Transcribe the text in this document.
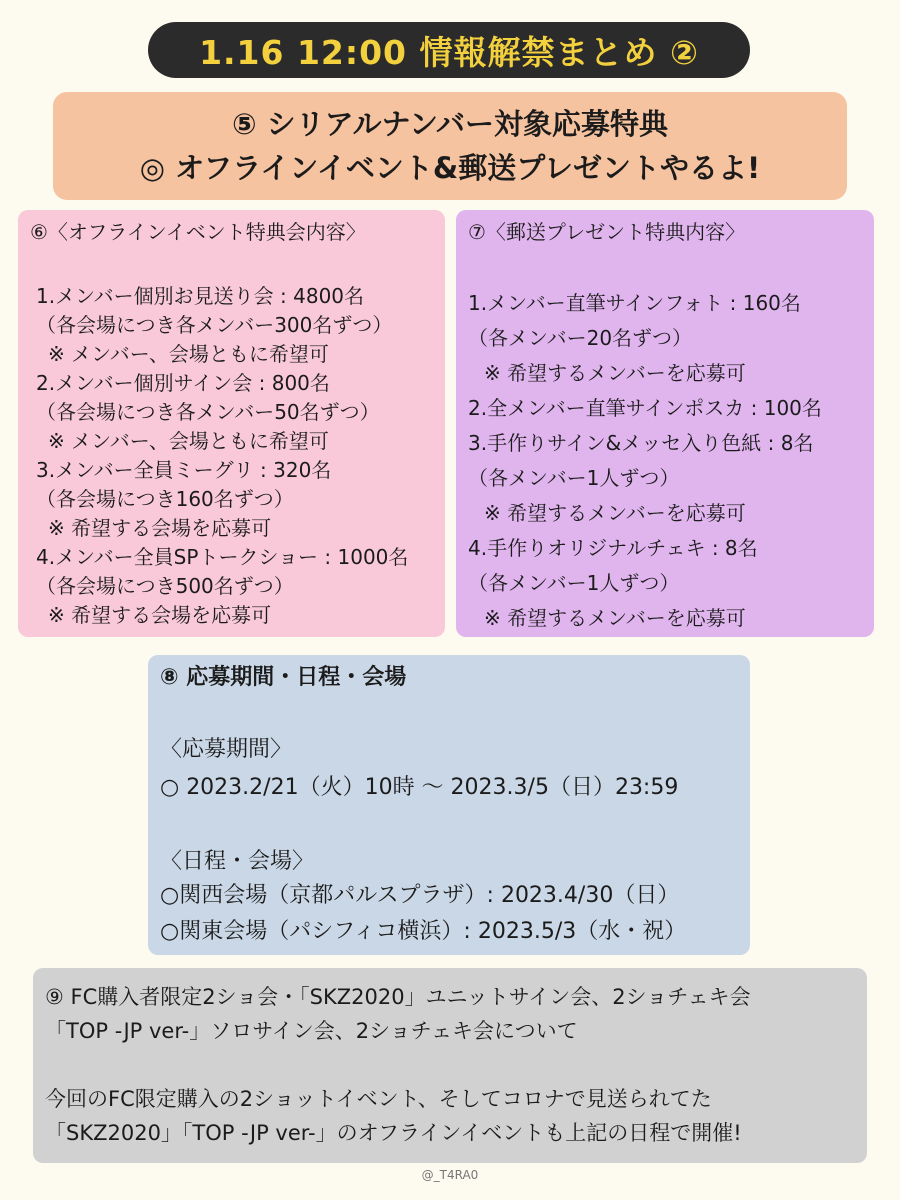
1.16 12:00 情報解禁まとめ ②
⑤ シリアルナンバー対象応募特典
◎ オフラインイベント&郵送プレゼントやるよ!
⑥〈オフラインイベント特典会内容〉
1.メンバー個別お見送り会 : 4800名
（各会場につき各メンバー300名ずつ）
※ メンバー、会場ともに希望可
2.メンバー個別サイン会 : 800名
（各会場につき各メンバー50名ずつ）
※ メンバー、会場ともに希望可
3.メンバー全員ミーグリ : 320名
（各会場につき160名ずつ）
※ 希望する会場を応募可
4.メンバー全員SPトークショー : 1000名
（各会場につき500名ずつ）
※ 希望する会場を応募可
⑦〈郵送プレゼント特典内容〉
1.メンバー直筆サインフォト : 160名
（各メンバー20名ずつ）
※ 希望するメンバーを応募可
2.全メンバー直筆サインポスカ : 100名
3.手作りサイン&メッセ入り色紙 : 8名
（各メンバー1人ずつ）
※ 希望するメンバーを応募可
4.手作りオリジナルチェキ : 8名
（各メンバー1人ずつ）
※ 希望するメンバーを応募可
⑧ 応募期間・日程・会場
〈応募期間〉
○ 2023.2/21（火）10時 〜 2023.3/5（日）23:59
〈日程・会場〉
○関西会場（京都パルスプラザ）: 2023.4/30（日）
○関東会場（パシフィコ横浜）: 2023.5/3（水・祝）
⑨ FC購入者限定2ショ会・「SKZ2020」ユニットサイン会、2ショチェキ会
「TOP -JP ver-」ソロサイン会、2ショチェキ会について
今回のFC限定購入の2ショットイベント、そしてコロナで見送られてた
「SKZ2020」「TOP -JP ver-」のオフラインイベントも上記の日程で開催!
@_T4RA0
